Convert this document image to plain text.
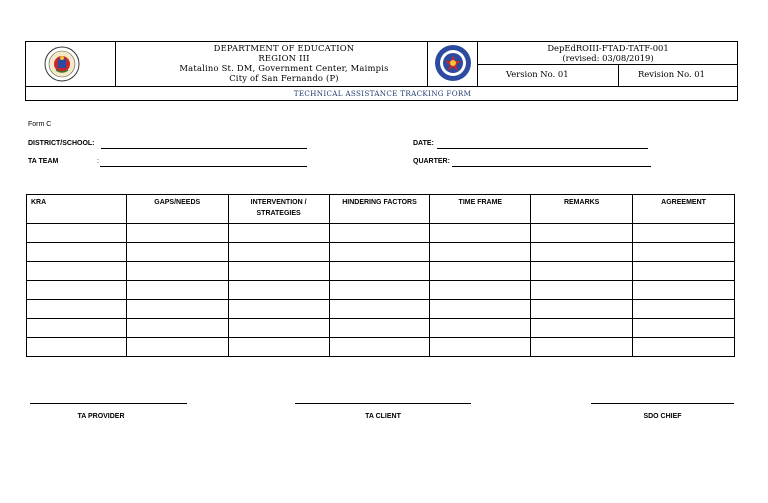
DEPARTMENT OF EDUCATION
REGION III
Matalino St. DM, Government Center, Maimpis
City of San Fernando (P)
DepEdROIII-FTAD-TATF-001
(revised: 03/08/2019)
Version No. 01	Revision No. 01
TECHNICAL ASSISTANCE TRACKING FORM
Form C
DISTRICT/SCHOOL:	DATE:
TA TEAM	:	QUARTER:
KRA	GAPS/NEEDS	INTERVENTION / STRATEGIES	HINDERING FACTORS	TIME FRAME	REMARKS	AGREEMENT

TA PROVIDER	TA CLIENT	SDO CHIEF
